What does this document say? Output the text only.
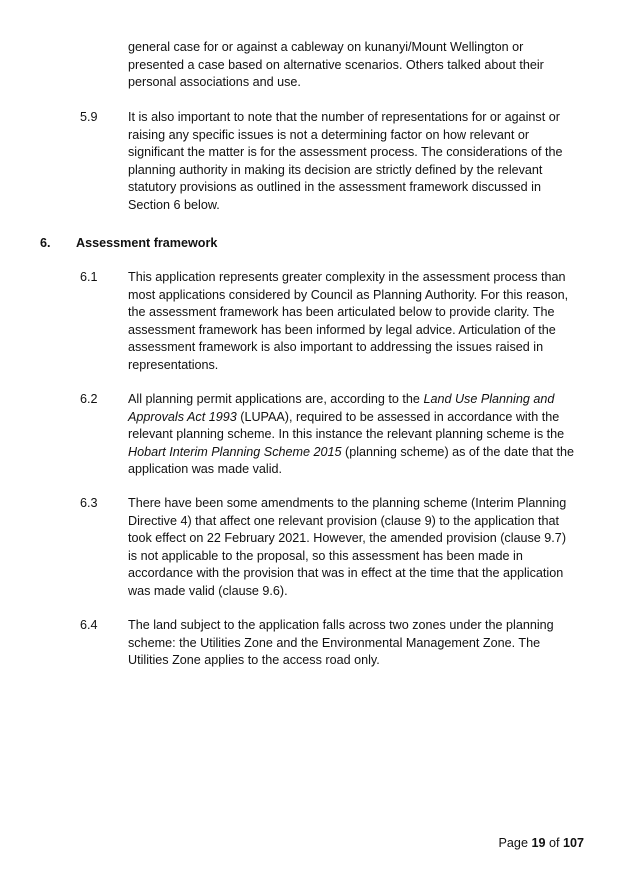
general case for or against a cableway on kunanyi/Mount Wellington or presented a case based on alternative scenarios. Others talked about their personal associations and use.

5.9 It is also important to note that the number of representations for or against or raising any specific issues is not a determining factor on how relevant or significant the matter is for the assessment process. The considerations of the planning authority in making its decision are strictly defined by the relevant statutory provisions as outlined in the assessment framework discussed in Section 6 below.

6. Assessment framework

6.1 This application represents greater complexity in the assessment process than most applications considered by Council as Planning Authority. For this reason, the assessment framework has been articulated below to provide clarity. The assessment framework has been informed by legal advice. Articulation of the assessment framework is also important to addressing the issues raised in representations.

6.2 All planning permit applications are, according to the Land Use Planning and Approvals Act 1993 (LUPAA), required to be assessed in accordance with the relevant planning scheme. In this instance the relevant planning scheme is the Hobart Interim Planning Scheme 2015 (planning scheme) as of the date that the application was made valid.

6.3 There have been some amendments to the planning scheme (Interim Planning Directive 4) that affect one relevant provision (clause 9) to the application that took effect on 22 February 2021. However, the amended provision (clause 9.7) is not applicable to the proposal, so this assessment has been made in accordance with the provision that was in effect at the time that the application was made valid (clause 9.6).

6.4 The land subject to the application falls across two zones under the planning scheme: the Utilities Zone and the Environmental Management Zone. The Utilities Zone applies to the access road only.

Page 19 of 107
